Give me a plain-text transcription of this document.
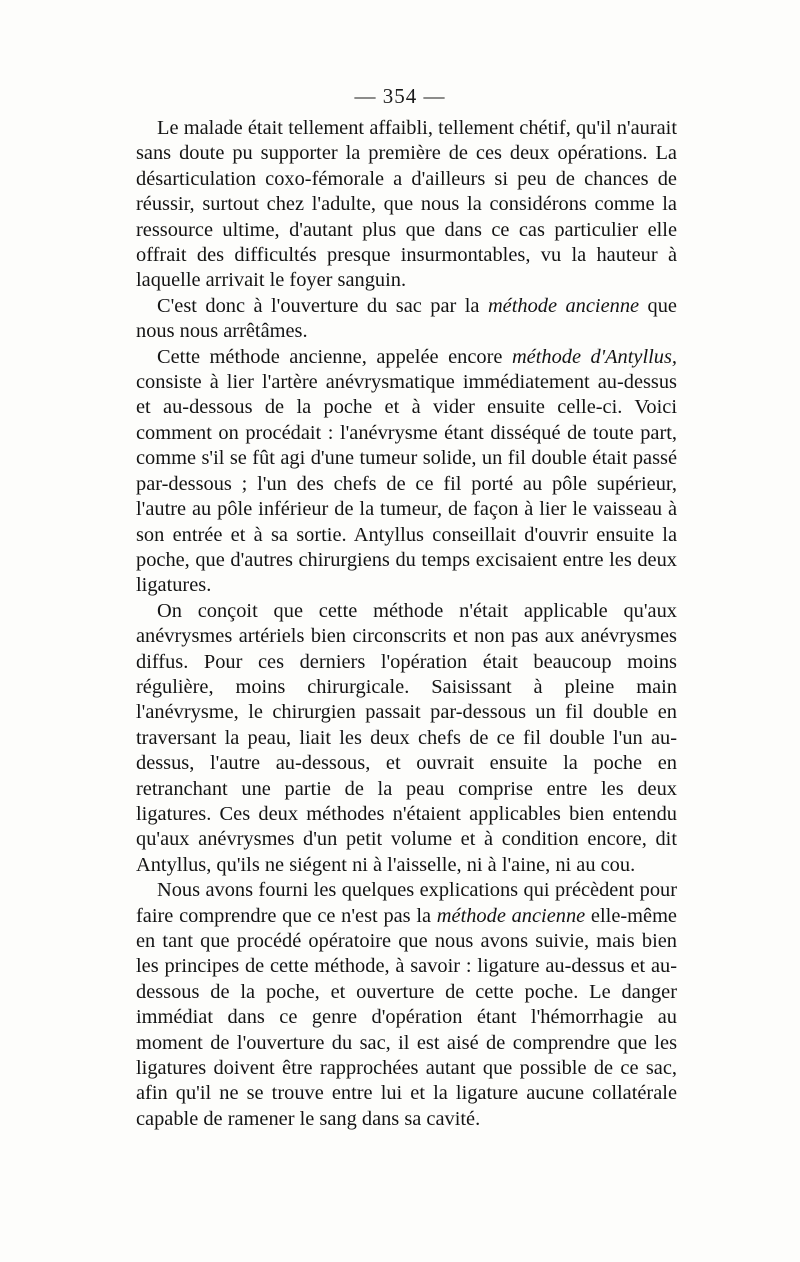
— 354 —

Le malade était tellement affaibli, tellement chétif, qu'il n'aurait sans doute pu supporter la première de ces deux opérations. La désarticulation coxo-fémorale a d'ailleurs si peu de chances de réussir, surtout chez l'adulte, que nous la considérons comme la ressource ultime, d'autant plus que dans ce cas particulier elle offrait des difficultés presque insurmontables, vu la hauteur à laquelle arrivait le foyer sanguin.

C'est donc à l'ouverture du sac par la méthode ancienne que nous nous arrêtâmes.

Cette méthode ancienne, appelée encore méthode d'Antyllus, consiste à lier l'artère anévrysmatique immédiatement au-dessus et au-dessous de la poche et à vider ensuite celle-ci. Voici comment on procédait : l'anévrysme étant disséqué de toute part, comme s'il se fût agi d'une tumeur solide, un fil double était passé par-dessous ; l'un des chefs de ce fil porté au pôle supérieur, l'autre au pôle inférieur de la tumeur, de façon à lier le vaisseau à son entrée et à sa sortie. Antyllus conseillait d'ouvrir ensuite la poche, que d'autres chirurgiens du temps excisaient entre les deux ligatures.

On conçoit que cette méthode n'était applicable qu'aux anévrysmes artériels bien circonscrits et non pas aux anévrysmes diffus. Pour ces derniers l'opération était beaucoup moins régulière, moins chirurgicale. Saisissant à pleine main l'anévrysme, le chirurgien passait par-dessous un fil double en traversant la peau, liait les deux chefs de ce fil double l'un au-dessus, l'autre au-dessous, et ouvrait ensuite la poche en retranchant une partie de la peau comprise entre les deux ligatures. Ces deux méthodes n'étaient applicables bien entendu qu'aux anévrysmes d'un petit volume et à condition encore, dit Antyllus, qu'ils ne siégent ni à l'aisselle, ni à l'aine, ni au cou.

Nous avons fourni les quelques explications qui précèdent pour faire comprendre que ce n'est pas la méthode ancienne elle-même en tant que procédé opératoire que nous avons suivie, mais bien les principes de cette méthode, à savoir : ligature au-dessus et au-dessous de la poche, et ouverture de cette poche. Le danger immédiat dans ce genre d'opération étant l'hémorrhagie au moment de l'ouverture du sac, il est aisé de comprendre que les ligatures doivent être rapprochées autant que possible de ce sac, afin qu'il ne se trouve entre lui et la ligature aucune collatérale capable de ramener le sang dans sa cavité.
